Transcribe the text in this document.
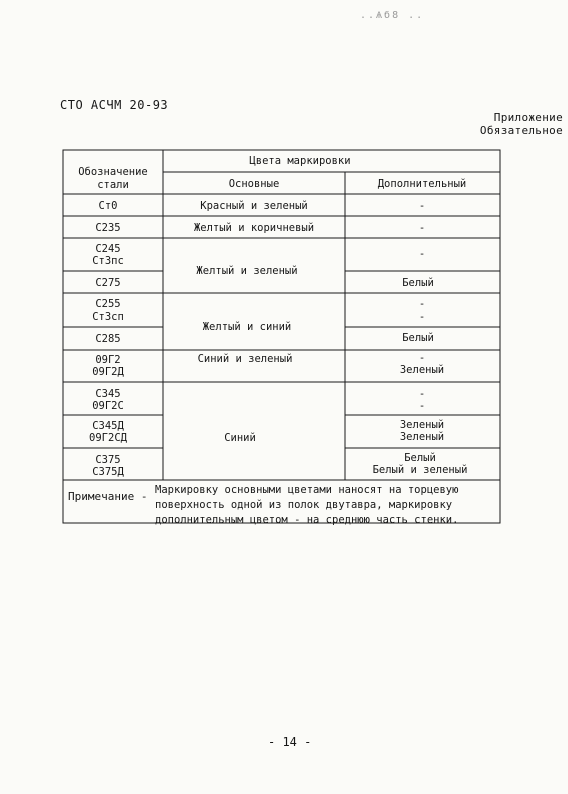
..Ѧб8 ..
СТО АСЧМ 20-93
Приложение
Обязательное
Обозначение
стали
Цвета маркировки
Основные	Дополнительный
Ст0
С235
С245
Ст3пс
С275
С255
Ст3сп
С285
09Г2
09Г2Д
С345
09Г2С
С345Д
09Г2СД
С375
С375Д
Красный и зеленый
Желтый и коричневый
Желтый и зеленый
Желтый и синий
Синий и зеленый
Синий
-
-
-
Белый
-
-
Белый
-
Зеленый
-
-
Зеленый
Зеленый
Белый
Белый и зеленый
Примечание - Маркировку основными цветами наносят на торцевую поверхность одной из полок двутавра, маркировку дополнительным цветом - на среднюю часть стенки.
- 14 -
